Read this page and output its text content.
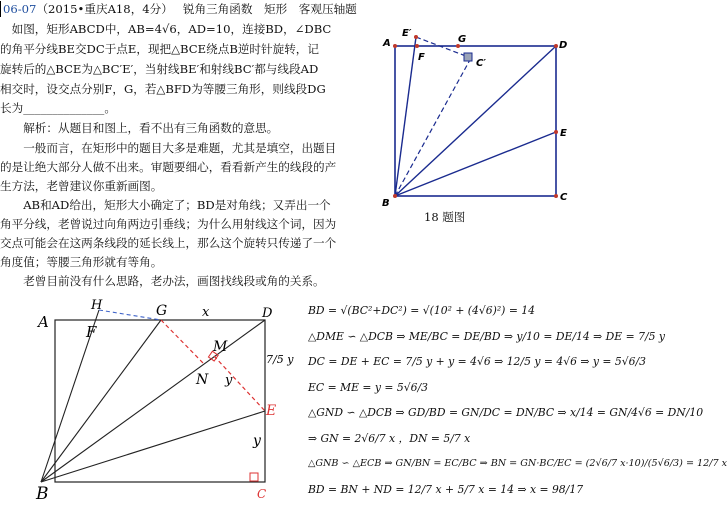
06-07（2015•重庆A18，4分） 锐角三角函数　矩形　客观压轴题
　如图，矩形ABCD中，AB=4√6，AD=10，连接BD，∠DBC
的角平分线BE交DC于点E，现把△BCE绕点B逆时针旋转，记
旋转后的△BCE为△BC′E′，当射线BE′和射线BC′都与线段AD
相交时，设交点分别F，G，若△BFD为等腰三角形，则线段DG
长为______________。
　　解析：从题目和图上，看不出有三角函数的意思。
　　一般而言，在矩形中的题目大多是难题，尤其是填空，出题目
的是让绝大部分人做不出来。审题要细心，看看新产生的线段的产
生方法，老曾建议你重新画图。
　　AB和AD给出，矩形大小确定了；BD是对角线；又弄出一个
角平分线，老曾说过向角两边引垂线；为什么用射线这个词，因为
交点可能会在这两条线段的延长线上，那么这个旋转只传递了一个
角度值；等腰三角形就有等角。
　　老曾目前没有什么思路，老办法，画图找线段或角的关系。
A
B
C
D
E
E′
F
G
C′
18 题图
A
B	C
D
E
F
G
H
M
N
x
y
y
7/5 y
BD = √(BC²+DC²) = √(10² + (4√6)²) = 14
△DME ∽ △DCB ⇒ ME/BC = DE/BD ⇒ y/10 = DE/14 ⇒ DE = 7/5 y
DC = DE + EC = 7/5 y + y = 4√6 ⇒ 12/5 y = 4√6 ⇒ y = 5√6/3
EC = ME = y = 5√6/3
△GND ∽ △DCB ⇒ GD/BD = GN/DC = DN/BC ⇒ x/14 = GN/4√6 = DN/10
⇒ GN = 2√6/7 x ，DN = 5/7 x
△GNB ∽ △ECB ⇒ GN/BN = EC/BC ⇒ BN = GN·BC/EC = (2√6/7 x·10)/(5√6/3) = 12/7 x
BD = BN + ND = 12/7 x + 5/7 x = 14 ⇒ x = 98/17
